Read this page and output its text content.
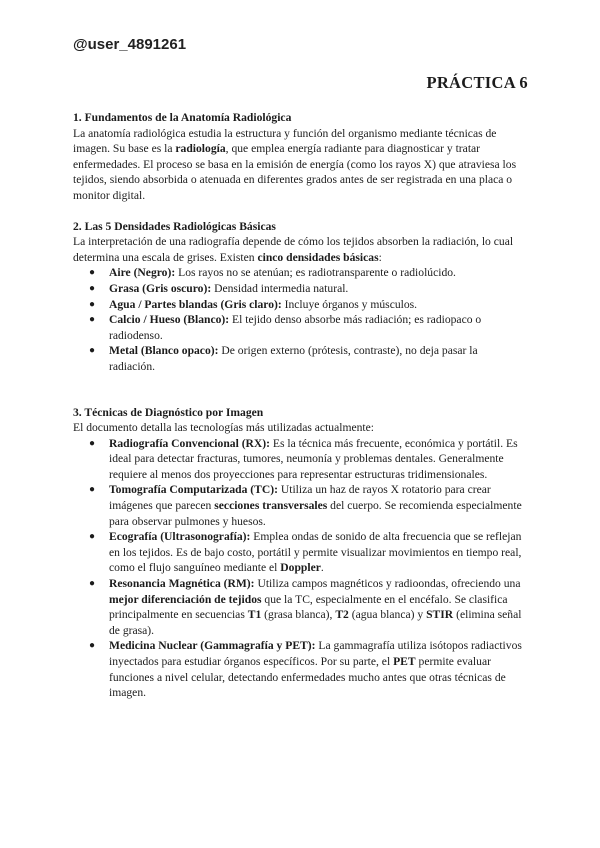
@user_4891261
PRÁCTICA 6
1. Fundamentos de la Anatomía Radiológica

La anatomía radiológica estudia la estructura y función del organismo mediante técnicas de imagen. Su base es la radiología, que emplea energía radiante para diagnosticar y tratar enfermedades. El proceso se basa en la emisión de energía (como los rayos X) que atraviesa los tejidos, siendo absorbida o atenuada en diferentes grados antes de ser registrada en una placa o monitor digital.

2. Las 5 Densidades Radiológicas Básicas

La interpretación de una radiografía depende de cómo los tejidos absorben la radiación, lo cual determina una escala de grises. Existen cinco densidades básicas:

● Aire (Negro): Los rayos no se atenúan; es radiotransparente o radiolúcido.
● Grasa (Gris oscuro): Densidad intermedia natural.
● Agua / Partes blandas (Gris claro): Incluye órganos y músculos.
● Calcio / Hueso (Blanco): El tejido denso absorbe más radiación; es radiopaco o radiodenso.
● Metal (Blanco opaco): De origen externo (prótesis, contraste), no deja pasar la radiación.
3. Técnicas de Diagnóstico por Imagen

El documento detalla las tecnologías más utilizadas actualmente:

● Radiografía Convencional (RX): Es la técnica más frecuente, económica y portátil. Es ideal para detectar fracturas, tumores, neumonía y problemas dentales. Generalmente requiere al menos dos proyecciones para representar estructuras tridimensionales.
● Tomografía Computarizada (TC): Utiliza un haz de rayos X rotatorio para crear imágenes que parecen secciones transversales del cuerpo. Se recomienda especialmente para observar pulmones y huesos.
● Ecografía (Ultrasonografía): Emplea ondas de sonido de alta frecuencia que se reflejan en los tejidos. Es de bajo costo, portátil y permite visualizar movimientos en tiempo real, como el flujo sanguíneo mediante el Doppler.
● Resonancia Magnética (RM): Utiliza campos magnéticos y radioondas, ofreciendo una mejor diferenciación de tejidos que la TC, especialmente en el encéfalo. Se clasifica principalmente en secuencias T1 (grasa blanca), T2 (agua blanca) y STIR (elimina señal de grasa).
● Medicina Nuclear (Gammagrafía y PET): La gammagrafía utiliza isótopos radiactivos inyectados para estudiar órganos específicos. Por su parte, el PET permite evaluar funciones a nivel celular, detectando enfermedades mucho antes que otras técnicas de imagen.
